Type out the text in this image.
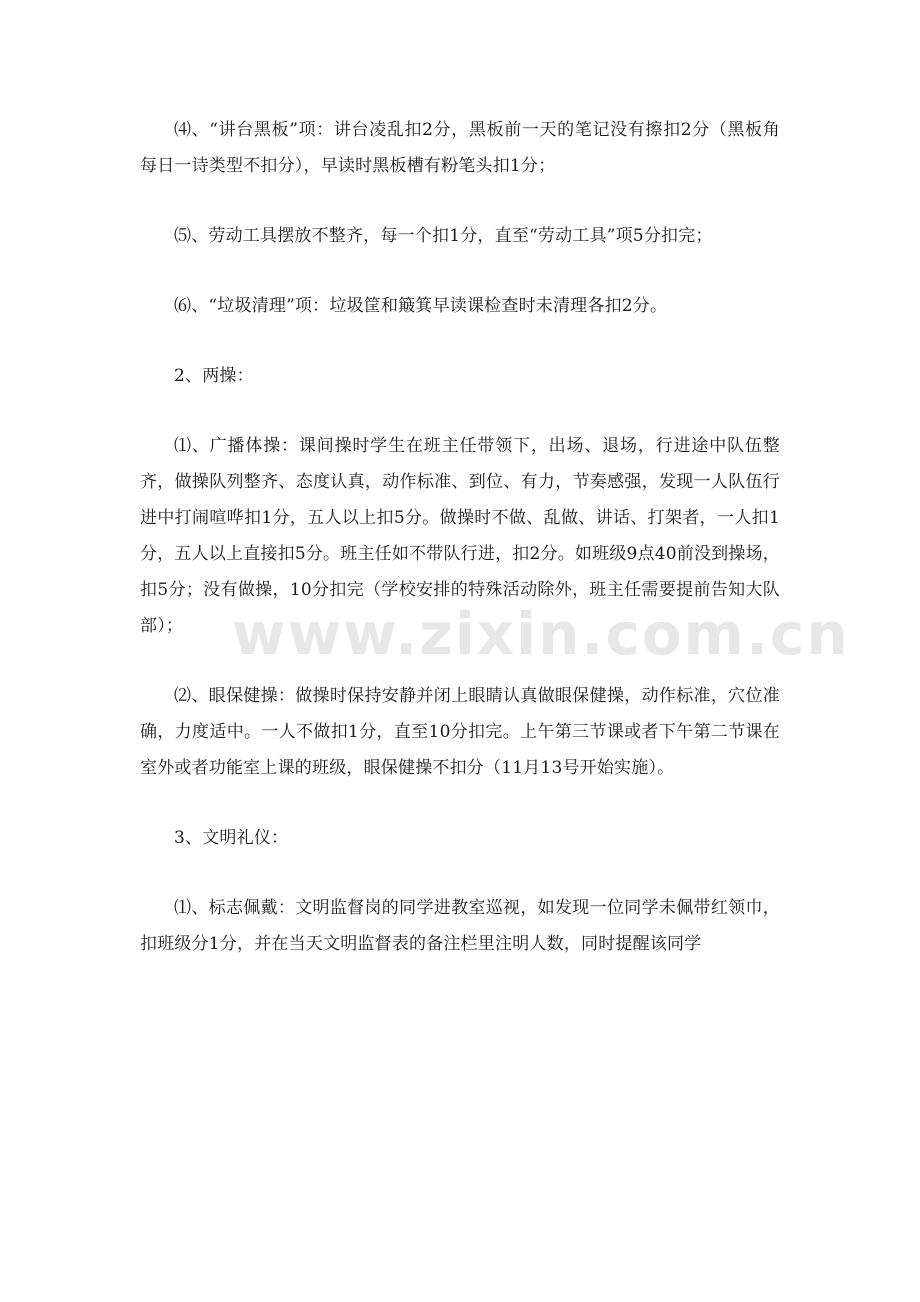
⑷、“讲台黑板”项：讲台凌乱扣2分，黑板前一天的笔记没有擦扣2分（黑板角每日一诗类型不扣分），早读时黑板槽有粉笔头扣1分；

⑸、劳动工具摆放不整齐，每一个扣1分，直至“劳动工具”项5分扣完；

⑹、“垃圾清理”项：垃圾筐和簸箕早读课检查时未清理各扣2分。

2、两操：

⑴、广播体操：课间操时学生在班主任带领下，出场、退场，行进途中队伍整齐，做操队列整齐、态度认真，动作标准、到位、有力，节奏感强，发现一人队伍行进中打闹喧哗扣1分，五人以上扣5分。做操时不做、乱做、讲话、打架者，一人扣1分，五人以上直接扣5分。班主任如不带队行进，扣2分。如班级9点40前没到操场，扣5分；没有做操，10分扣完（学校安排的特殊活动除外，班主任需要提前告知大队部）；

⑵、眼保健操：做操时保持安静并闭上眼睛认真做眼保健操，动作标准，穴位准确，力度适中。一人不做扣1分，直至10分扣完。上午第三节课或者下午第二节课在室外或者功能室上课的班级，眼保健操不扣分（11月13号开始实施）。

3、文明礼仪：

⑴、标志佩戴：文明监督岗的同学进教室巡视，如发现一位同学未佩带红领巾，扣班级分1分，并在当天文明监督表的备注栏里注明人数，同时提醒该同学

www.zixin.com.cn
